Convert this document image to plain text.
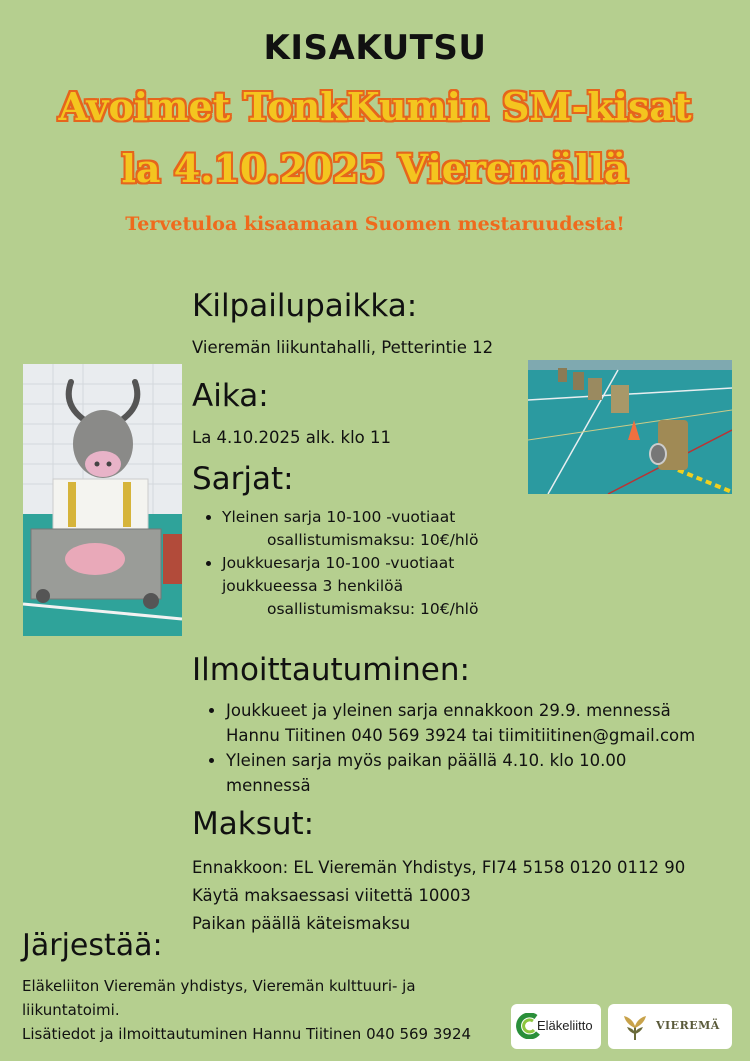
KISAKUTSU
Avoimet TonkKumin SM-kisat
la 4.10.2025 Vieremällä
Tervetuloa kisaamaan Suomen mestaruudesta!
Kilpailupaikka:
Vieremän liikuntahalli, Petterintie 12
Aika:
La 4.10.2025 alk. klo 11
Sarjat:
• Yleinen sarja 10-100 -vuotiaat
osallistumismaksu: 10€/hlö
• Joukkuesarja 10-100 -vuotiaat
joukkueessa 3 henkilöä
osallistumismaksu: 10€/hlö
Ilmoittautuminen:
• Joukkueet ja yleinen sarja ennakkoon 29.9. mennessä
Hannu Tiitinen 040 569 3924 tai tiimitiitinen@gmail.com
• Yleinen sarja myös paikan päällä 4.10. klo 10.00
mennessä
Maksut:
Ennakkoon: EL Vieremän Yhdistys, FI74 5158 0120 0112 90
Käytä maksaessasi viitettä 10003
Paikan päällä käteismaksu
Järjestää:
Eläkeliiton Vieremän yhdistys, Vieremän kulttuuri- ja
liikuntatoimi.
Lisätiedot ja ilmoittautuminen Hannu Tiitinen 040 569 3924	Eläkeliitto	VIEREMÄ
